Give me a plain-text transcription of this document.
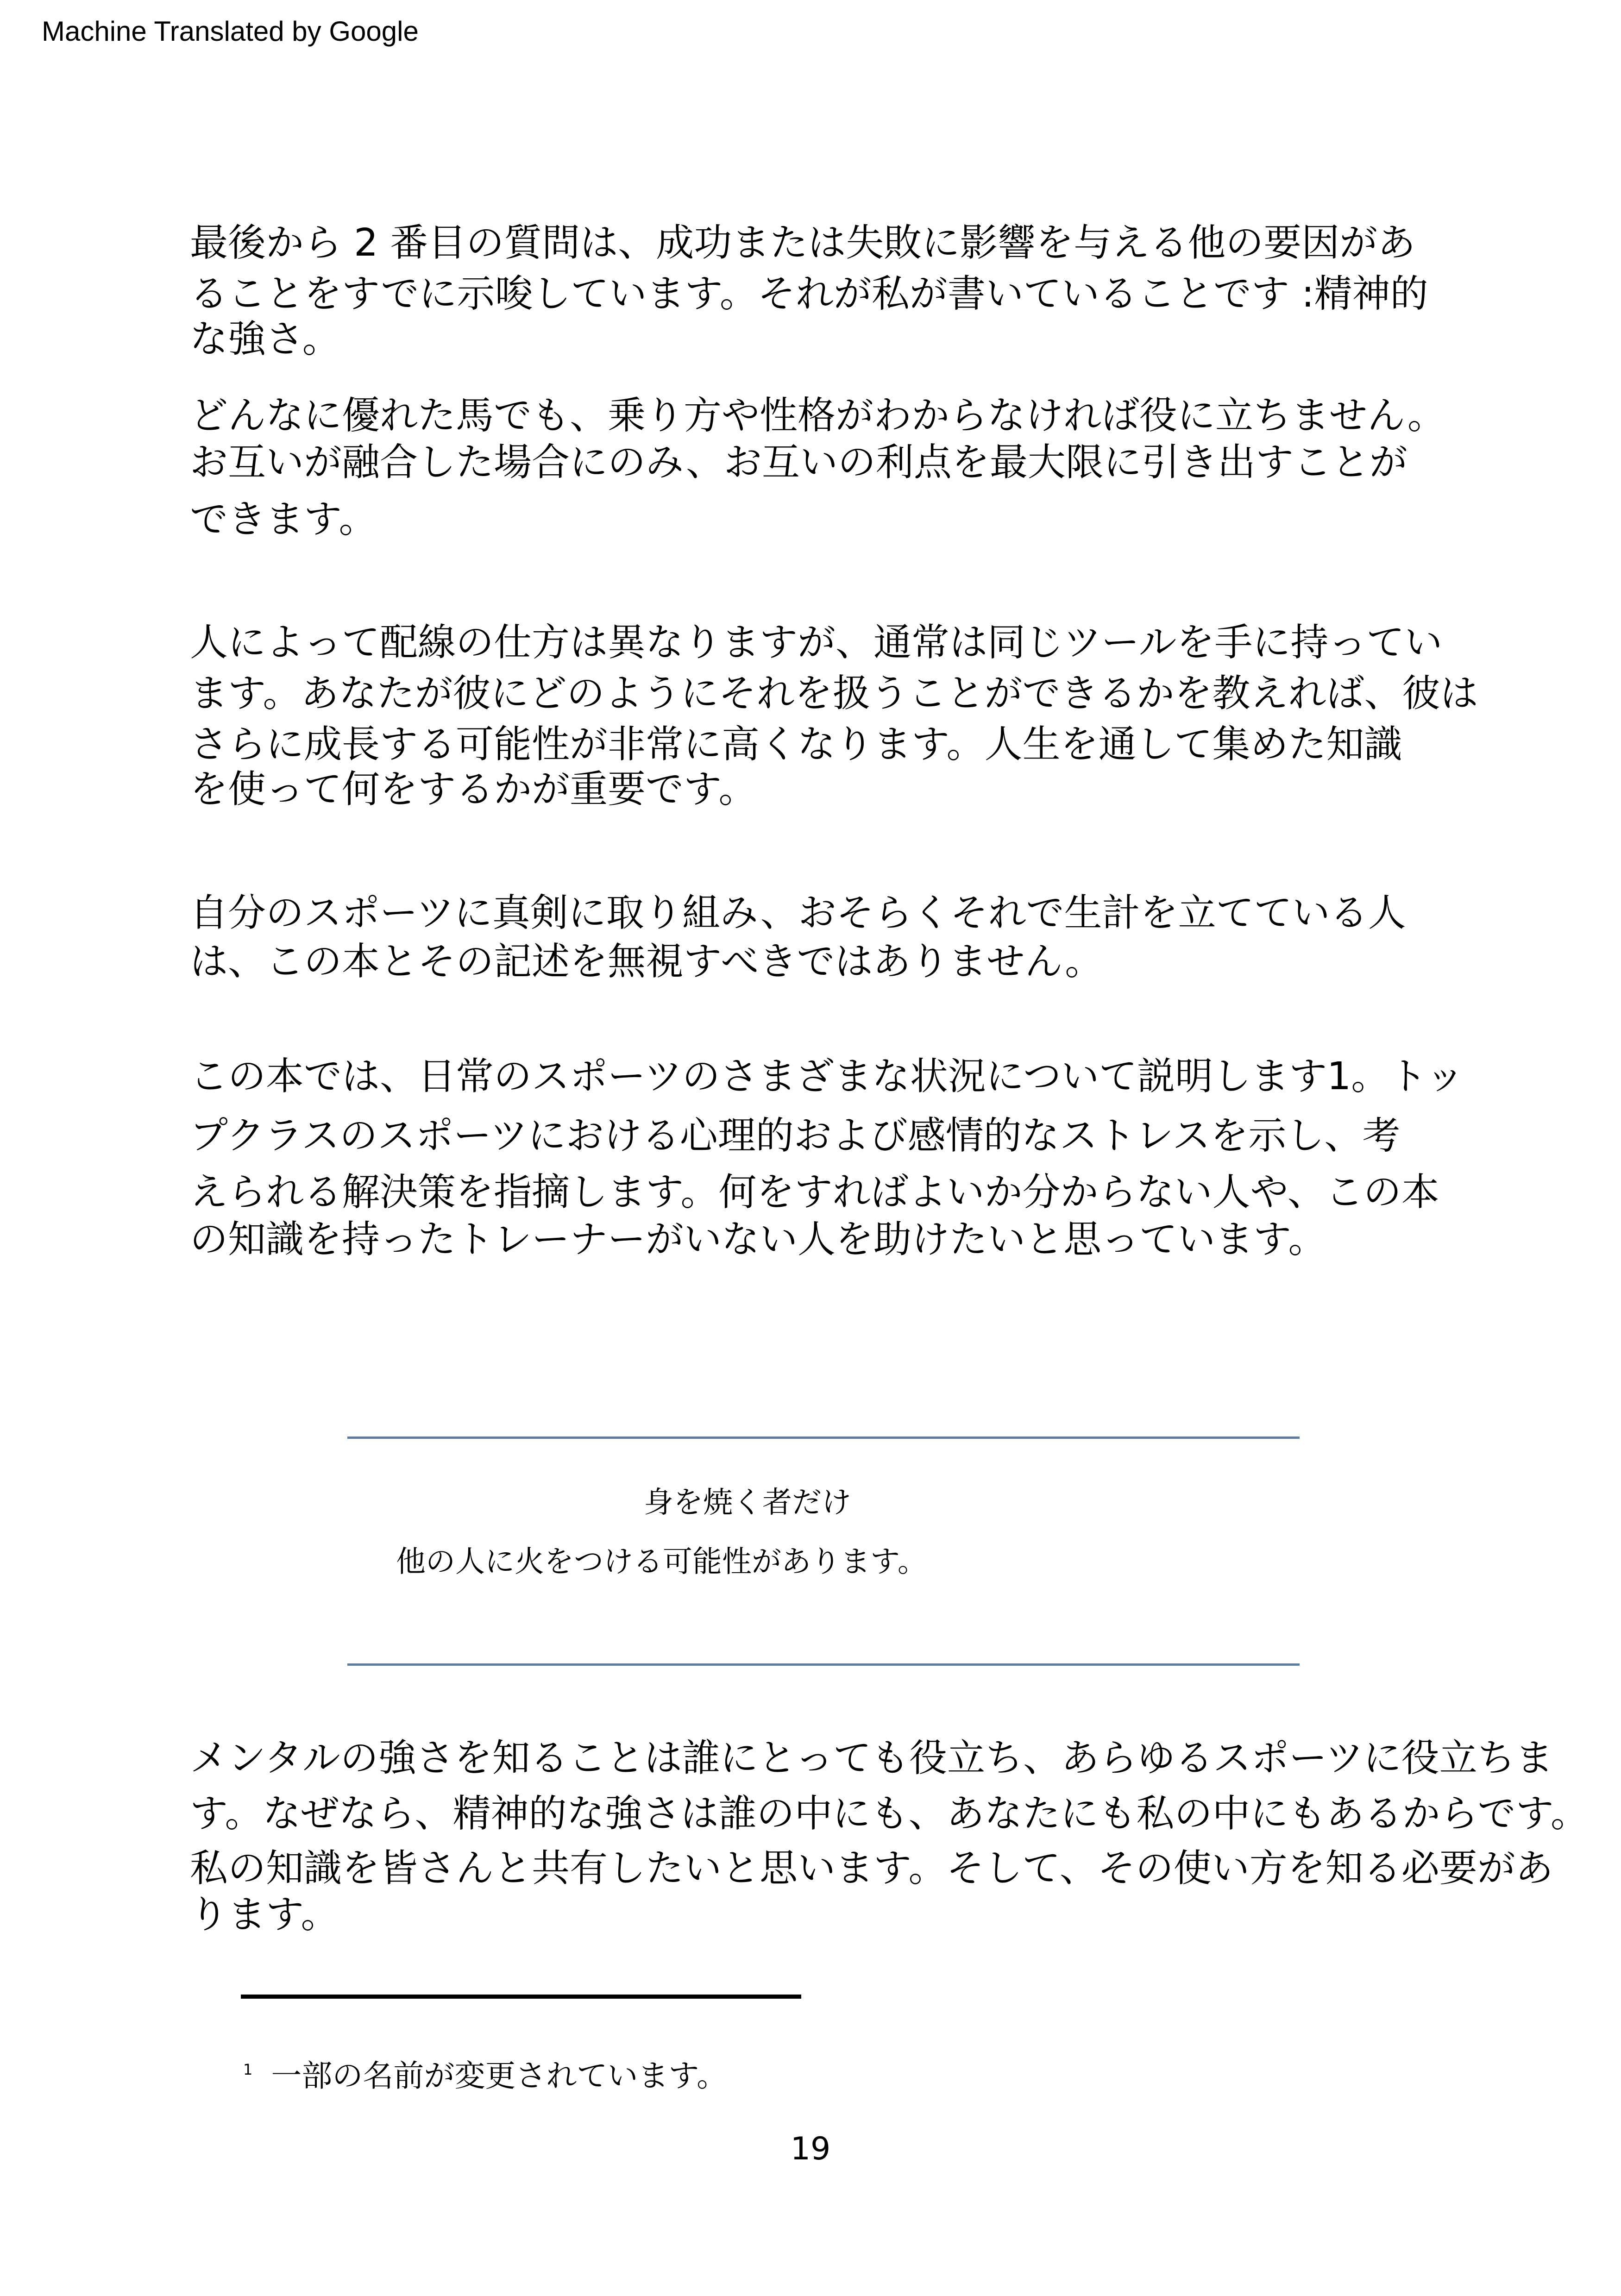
Machine Translated by Google
最後から 2 番目の質問は、成功または失敗に影響を与える他の要因があ
ることをすでに示唆しています。それが私が書いていることです :精神的
な強さ。
どんなに優れた馬でも、乗り方や性格がわからなければ役に立ちません。
お互いが融合した場合にのみ、お互いの利点を最大限に引き出すことが
できます。
人によって配線の仕方は異なりますが、通常は同じツールを手に持ってい
ます。あなたが彼にどのようにそれを扱うことができるかを教えれば、彼は
さらに成長する可能性が非常に高くなります。人生を通して集めた知識
を使って何をするかが重要です。
自分のスポーツに真剣に取り組み、おそらくそれで生計を立てている人
は、この本とその記述を無視すべきではありません。
この本では、日常のスポーツのさまざまな状況について説明します1。トッ
プクラスのスポーツにおける心理的および感情的なストレスを示し、考
えられる解決策を指摘します。何をすればよいか分からない人や、この本
の知識を持ったトレーナーがいない人を助けたいと思っています。
身を焼く者だけ
他の人に火をつける可能性があります。
メンタルの強さを知ることは誰にとっても役立ち、あらゆるスポーツに役立ちま
す。なぜなら、精神的な強さは誰の中にも、あなたにも私の中にもあるからです。
私の知識を皆さんと共有したいと思います。そして、その使い方を知る必要があ
ります。
$^1$ 一部の名前が変更されています。
19
